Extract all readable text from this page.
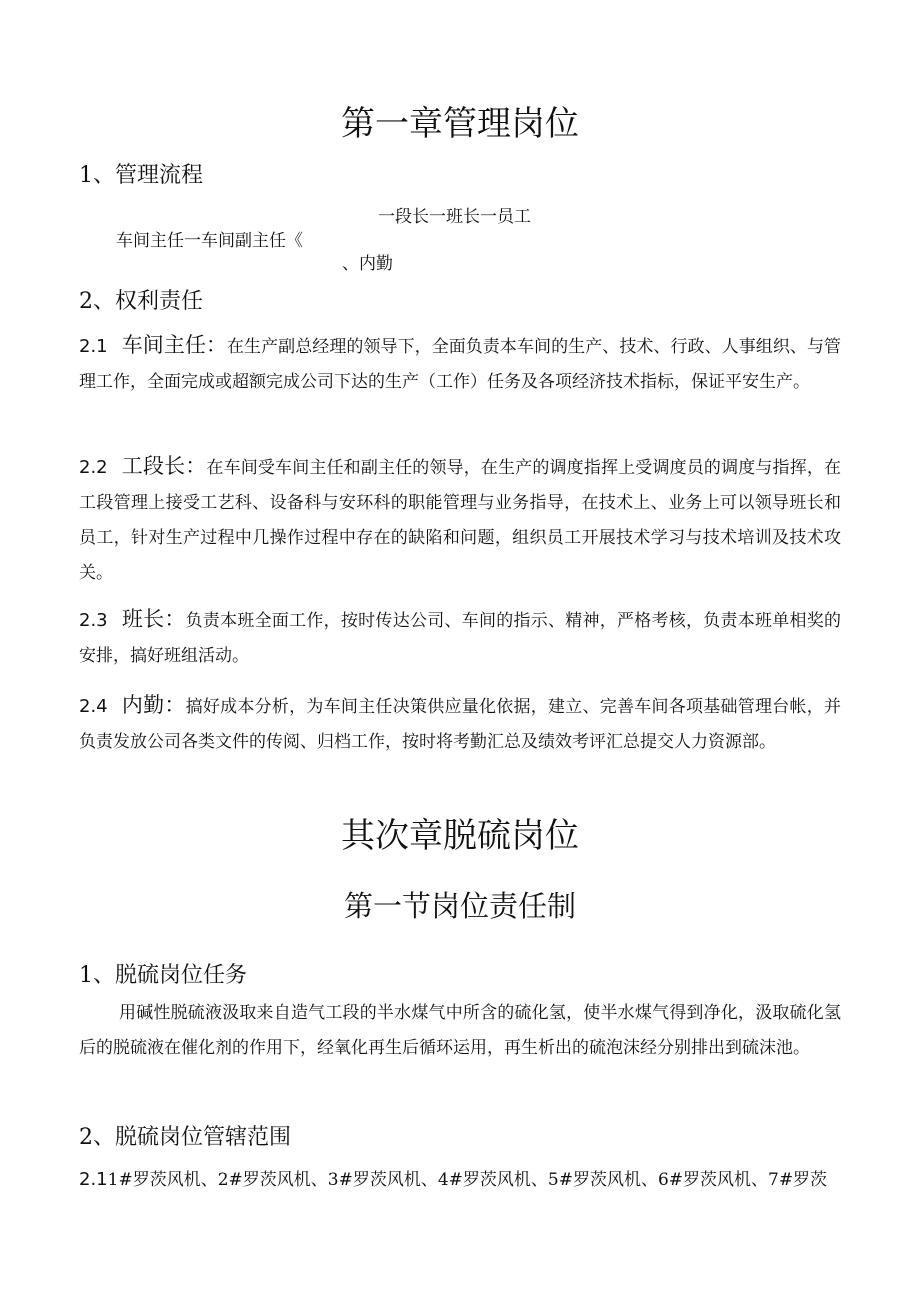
第一章管理岗位
1、管理流程
一段长一班长一员工
车间主任一车间副主任《
、内勤
2、权利责任
2.1 车间主任：在生产副总经理的领导下，全面负责本车间的生产、技术、行政、人事组织、与管理工作，全面完成或超额完成公司下达的生产（工作）任务及各项经济技术指标，保证平安生产。
2.2 工段长：在车间受车间主任和副主任的领导，在生产的调度指挥上受调度员的调度与指挥，在工段管理上接受工艺科、设备科与安环科的职能管理与业务指导，在技术上、业务上可以领导班长和员工，针对生产过程中几操作过程中存在的缺陷和问题，组织员工开展技术学习与技术培训及技术攻关。
2.3 班长：负责本班全面工作，按时传达公司、车间的指示、精神，严格考核，负责本班单相奖的安排，搞好班组活动。
2.4 内勤：搞好成本分析，为车间主任决策供应量化依据，建立、完善车间各项基础管理台帐，并负责发放公司各类文件的传阅、归档工作，按时将考勤汇总及绩效考评汇总提交人力资源部。
其次章脱硫岗位
第一节岗位责任制
1、脱硫岗位任务
用碱性脱硫液汲取来自造气工段的半水煤气中所含的硫化氢，使半水煤气得到净化，汲取硫化氢后的脱硫液在催化剂的作用下，经氧化再生后循环运用，再生析出的硫泡沫经分别排出到硫沫池。
2、脱硫岗位管辖范围
2.11#罗茨风机、2#罗茨风机、3#罗茨风机、4#罗茨风机、5#罗茨风机、6#罗茨风机、7#罗茨
